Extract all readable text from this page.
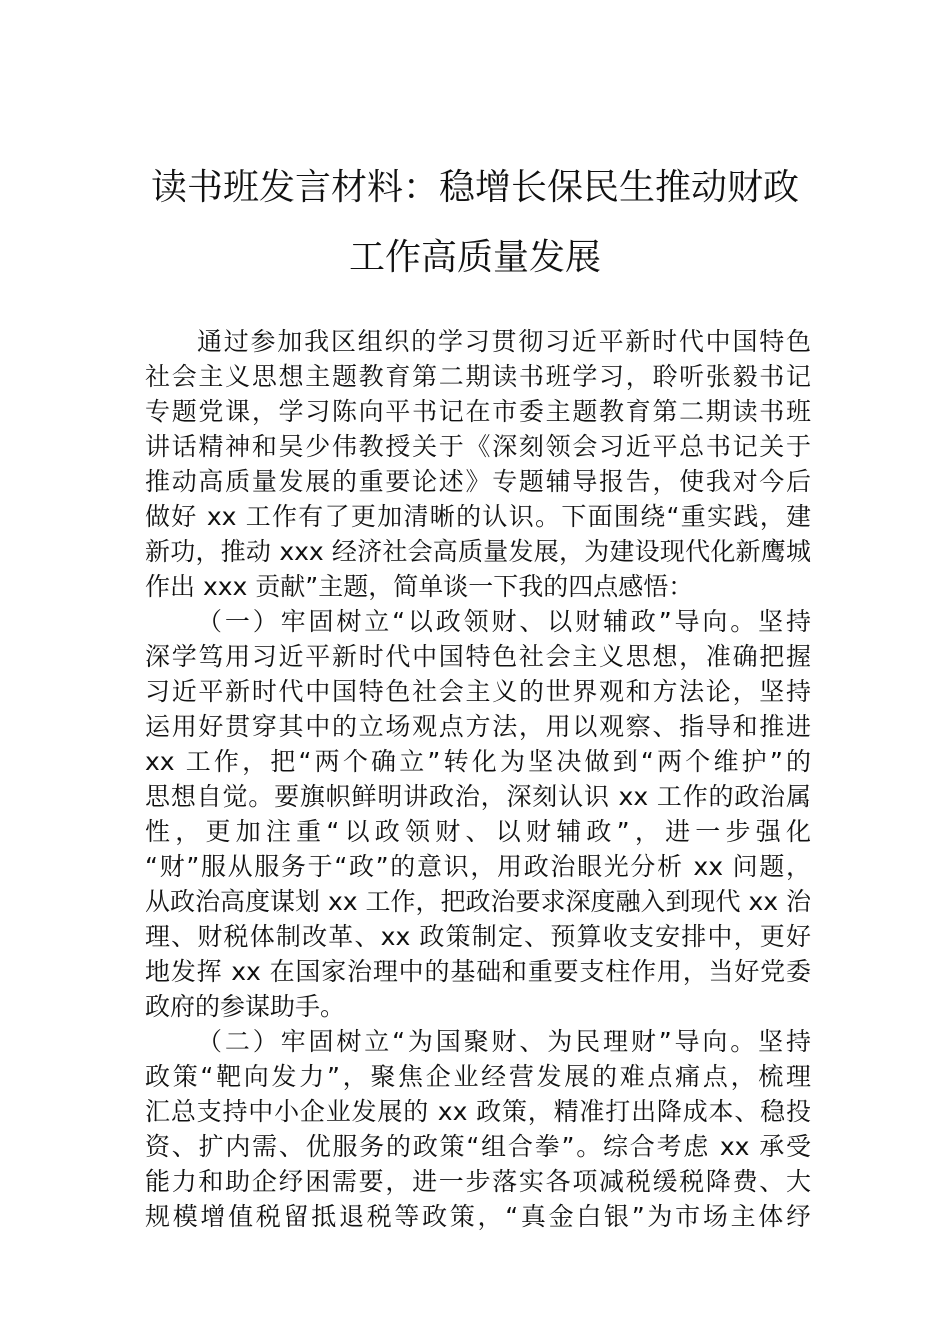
读书班发言材料：稳增长保民生推动财政
工作高质量发展
通过参加我区组织的学习贯彻习近平新时代中国特色
社会主义思想主题教育第二期读书班学习，聆听张毅书记
专题党课，学习陈向平书记在市委主题教育第二期读书班
讲话精神和吴少伟教授关于《深刻领会习近平总书记关于
推动高质量发展的重要论述》专题辅导报告，使我对今后
做好 xx 工作有了更加清晰的认识。下面围绕“重实践，建
新功，推动 xxx 经济社会高质量发展，为建设现代化新鹰城
作出 xxx 贡献”主题，简单谈一下我的四点感悟：
（一）牢固树立“以政领财、以财辅政”导向。坚持
深学笃用习近平新时代中国特色社会主义思想，准确把握
习近平新时代中国特色社会主义的世界观和方法论，坚持
运用好贯穿其中的立场观点方法，用以观察、指导和推进
xx 工作，把“两个确立”转化为坚决做到“两个维护”的
思想自觉。要旗帜鲜明讲政治，深刻认识 xx 工作的政治属
性，更加注重“以政领财、以财辅政”，进一步强化
“财”服从服务于“政”的意识，用政治眼光分析 xx 问题，
从政治高度谋划 xx 工作，把政治要求深度融入到现代 xx 治
理、财税体制改革、xx 政策制定、预算收支安排中，更好
地发挥 xx 在国家治理中的基础和重要支柱作用，当好党委
政府的参谋助手。
（二）牢固树立“为国聚财、为民理财”导向。坚持
政策“靶向发力”，聚焦企业经营发展的难点痛点，梳理
汇总支持中小企业发展的 xx 政策，精准打出降成本、稳投
资、扩内需、优服务的政策“组合拳”。综合考虑 xx 承受
能力和助企纾困需要，进一步落实各项减税缓税降费、大
规模增值税留抵退税等政策，“真金白银”为市场主体纾
